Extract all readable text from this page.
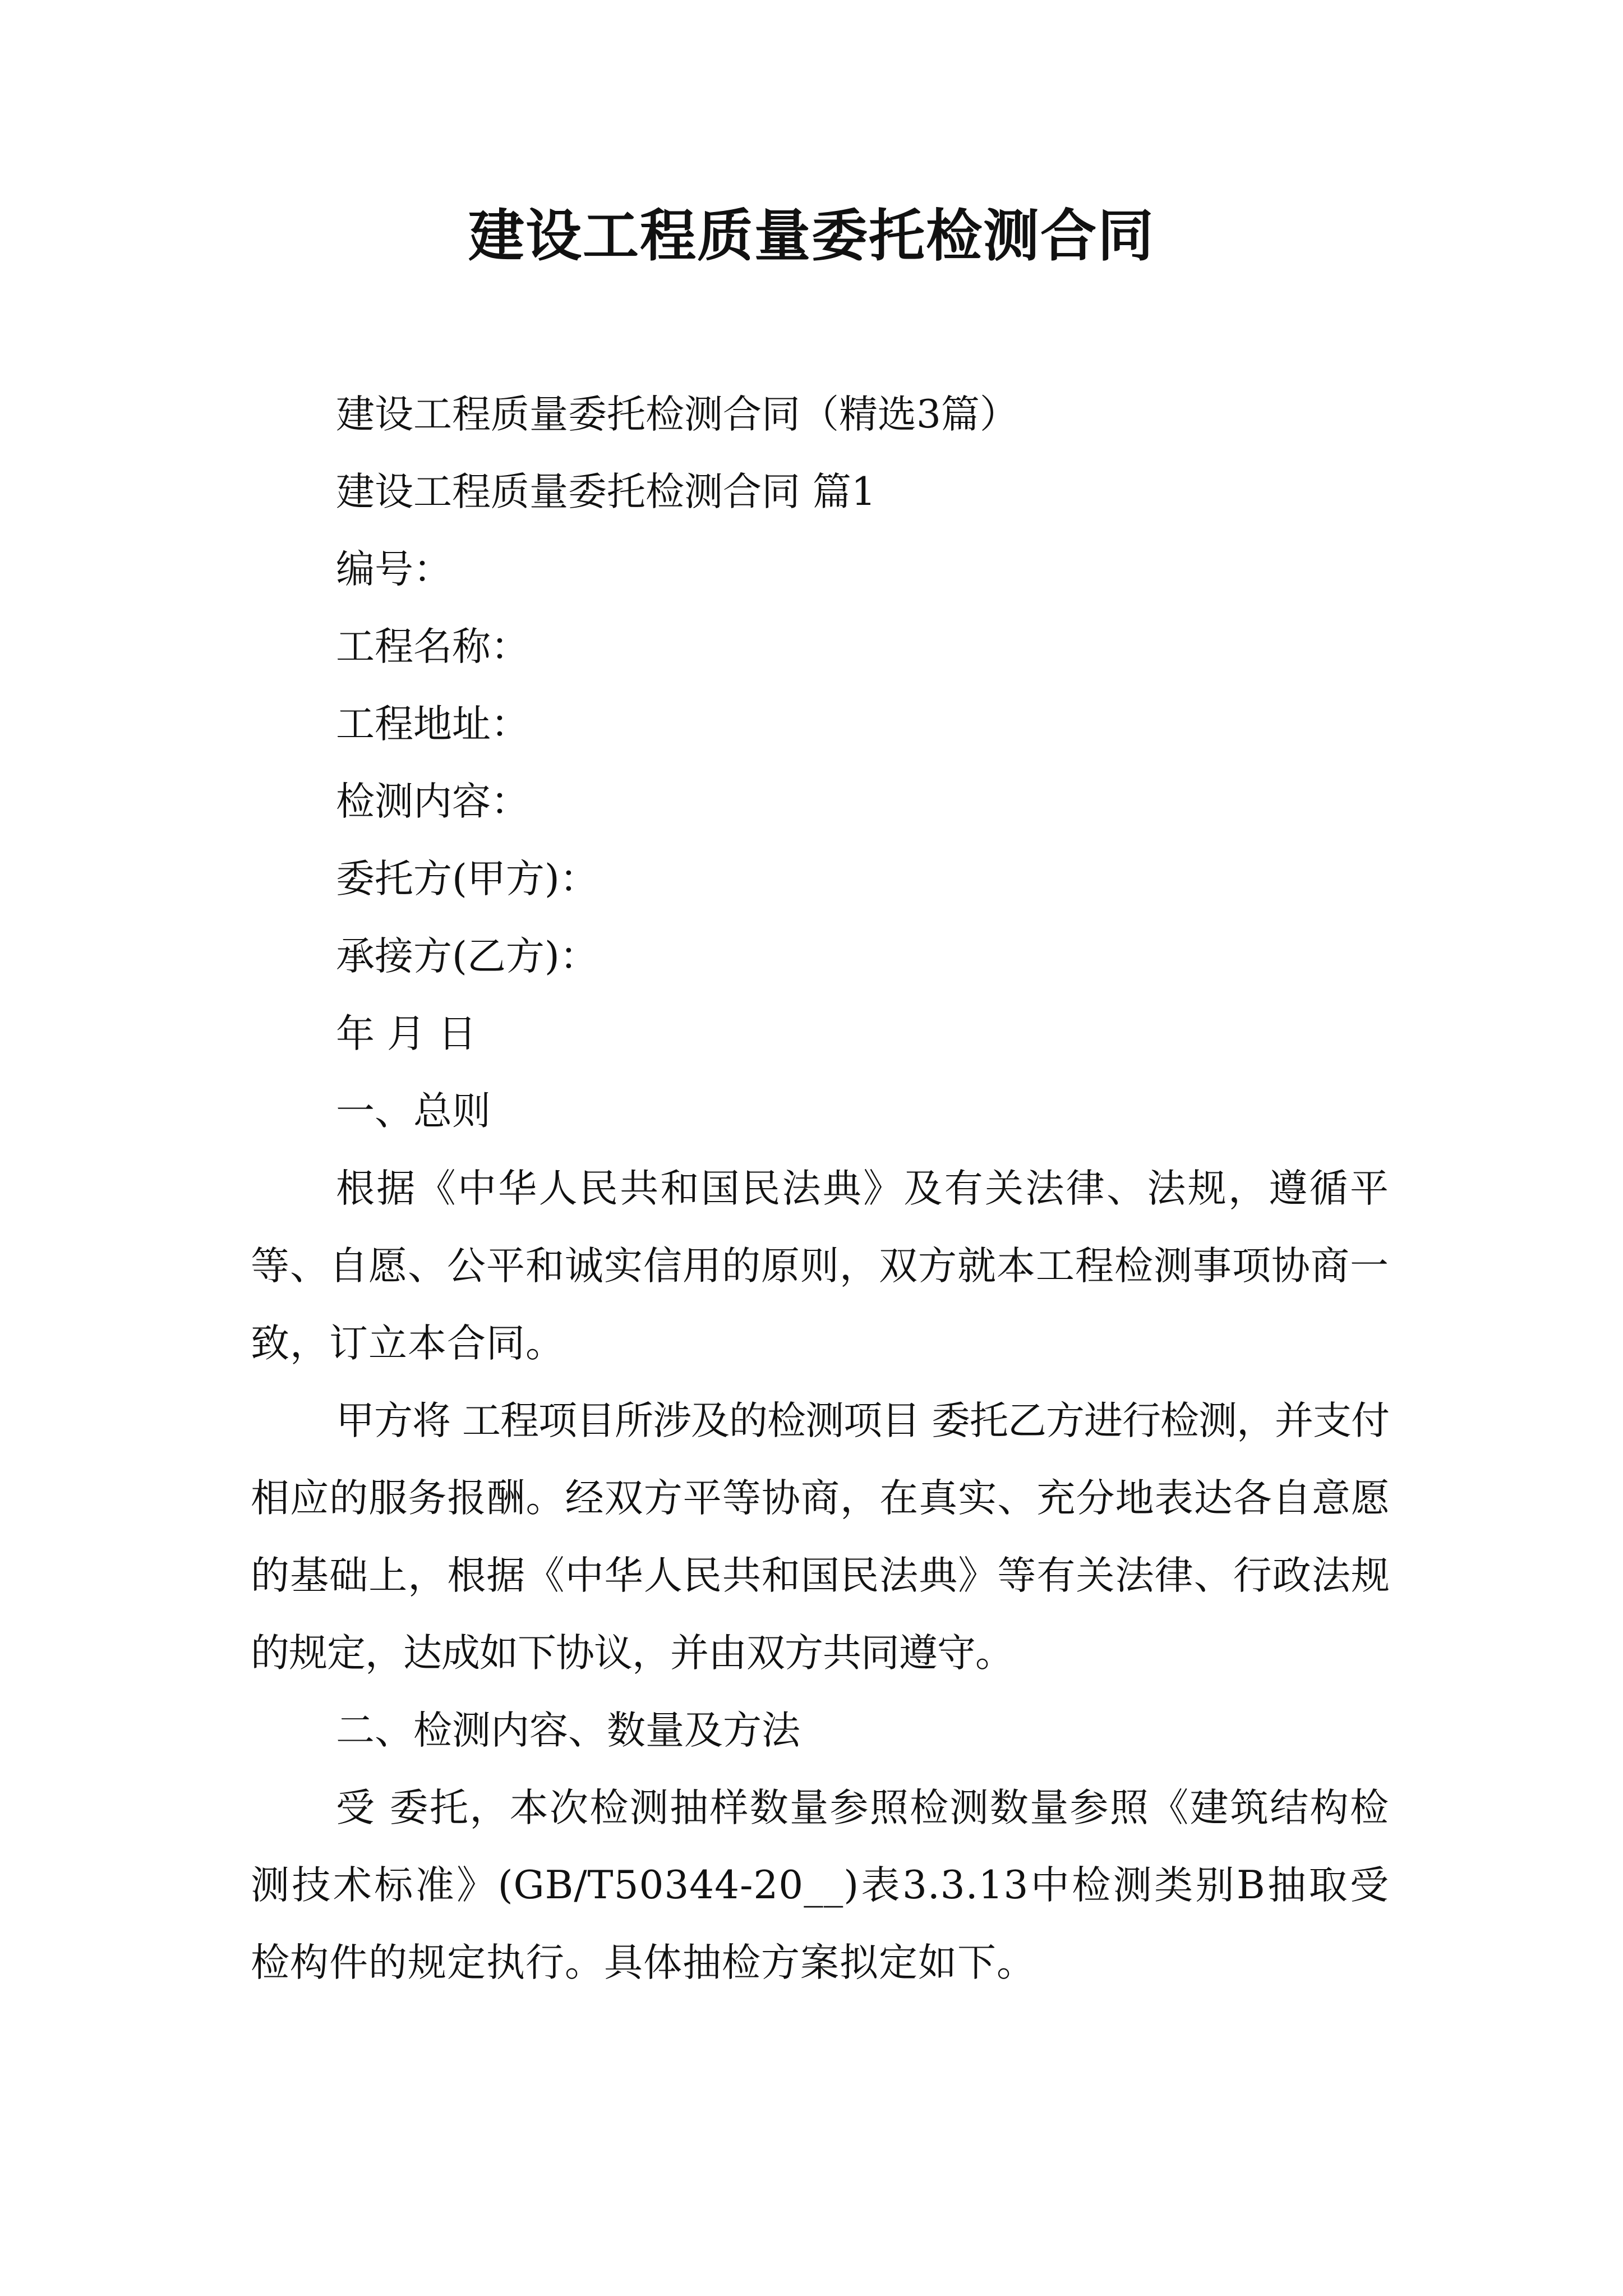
建设工程质量委托检测合同

建设工程质量委托检测合同（精选3篇）

建设工程质量委托检测合同 篇1

编号：

工程名称：

工程地址：

检测内容：

委托方(甲方)：

承接方(乙方)：

年 月 日

一、总则

根据《中华人民共和国民法典》及有关法律、法规，遵循平等、自愿、公平和诚实信用的原则，双方就本工程检测事项协商一致，订立本合同。

甲方将 工程项目所涉及的检测项目 委托乙方进行检测，并支付相应的服务报酬。经双方平等协商，在真实、充分地表达各自意愿的基础上，根据《中华人民共和国民法典》等有关法律、行政法规的规定，达成如下协议，并由双方共同遵守。

二、检测内容、数量及方法

受 委托，本次检测抽样数量参照检测数量参照《建筑结构检测技术标准》(GB/T50344-20__)表3.3.13中检测类别B抽取受检构件的规定执行。具体抽检方案拟定如下。
